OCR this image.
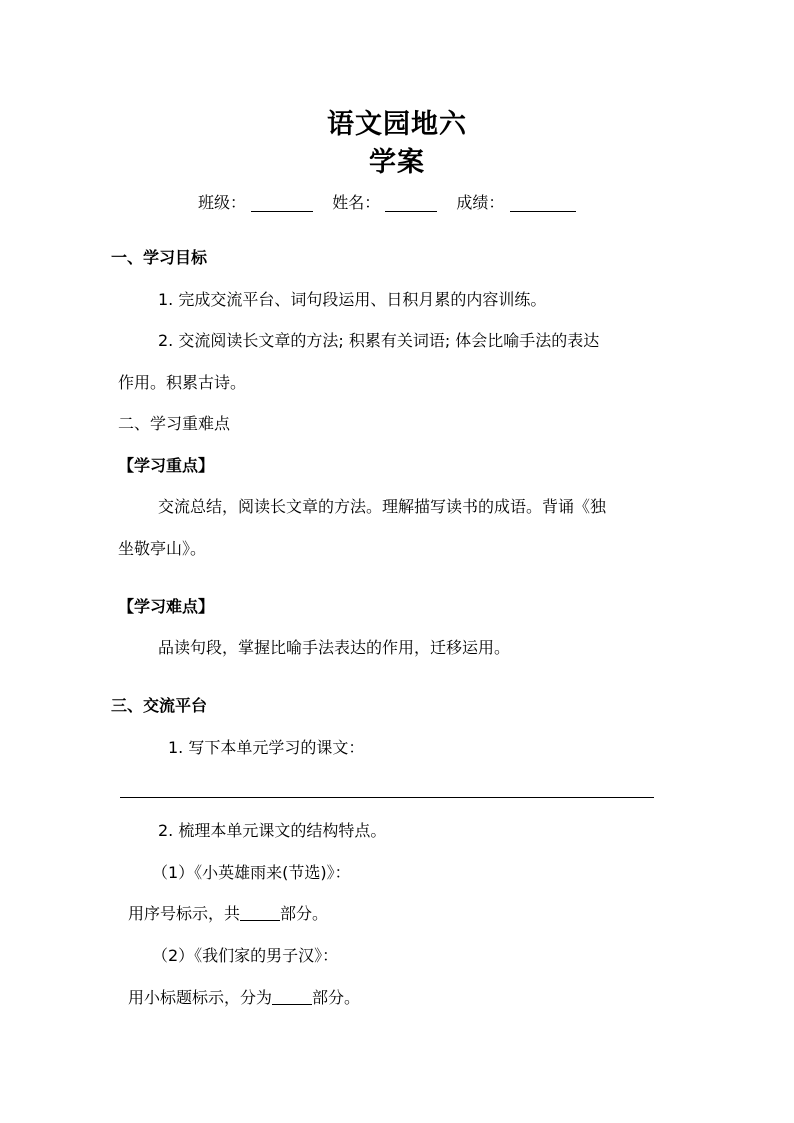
语文园地六
学案
班级：	姓名：	成绩：
一、学习目标
1. 完成交流平台、词句段运用、日积月累的内容训练。
2. 交流阅读长文章的方法; 积累有关词语; 体会比喻手法的表达
作用。积累古诗。
二、学习重难点
【学习重点】
交流总结，阅读长文章的方法。理解描写读书的成语。背诵《独
坐敬亭山》。
【学习难点】
品读句段，掌握比喻手法表达的作用，迁移运用。
三、交流平台
1. 写下本单元学习的课文：
2. 梳理本单元课文的结构特点。
（1）《小英雄雨来(节选)》：
用序号标示，共	部分。
（2）《我们家的男子汉》：
用小标题标示，分为	部分。
